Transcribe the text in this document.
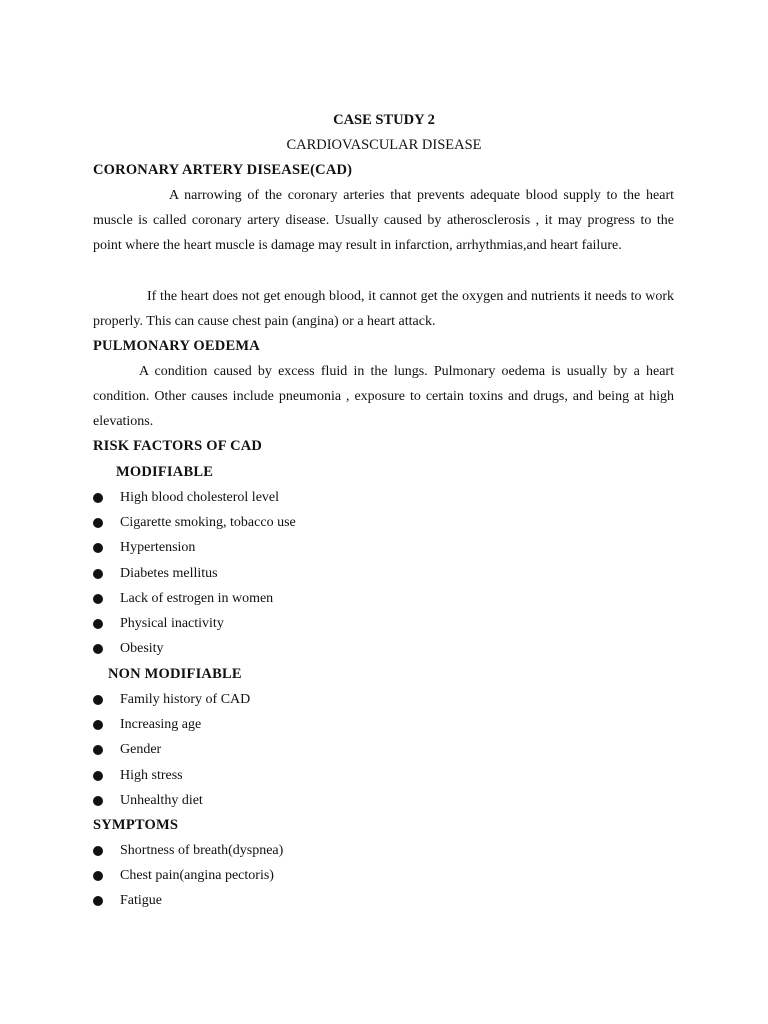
CASE STUDY 2
CARDIOVASCULAR DISEASE
CORONARY ARTERY DISEASE(CAD)
A narrowing of the coronary arteries that prevents adequate blood supply to the heart muscle is called coronary artery disease. Usually caused by atherosclerosis , it may progress to the point where the heart muscle is damage may result in infarction, arrhythmias,and heart failure.
If the heart does not get enough blood, it cannot get the oxygen and nutrients it needs to work properly. This can cause chest pain (angina) or a heart attack.
PULMONARY OEDEMA
A condition caused by excess fluid in the lungs. Pulmonary oedema is usually by a heart condition. Other causes include pneumonia , exposure to certain toxins and drugs, and being at high elevations.
RISK FACTORS OF CAD
MODIFIABLE
High blood cholesterol level
Cigarette smoking, tobacco use
Hypertension
Diabetes mellitus
Lack of estrogen in women
Physical inactivity
Obesity
NON MODIFIABLE
Family history of CAD
Increasing age
Gender
High stress
Unhealthy diet
SYMPTOMS
Shortness of breath(dyspnea)
Chest pain(angina pectoris)
Fatigue
